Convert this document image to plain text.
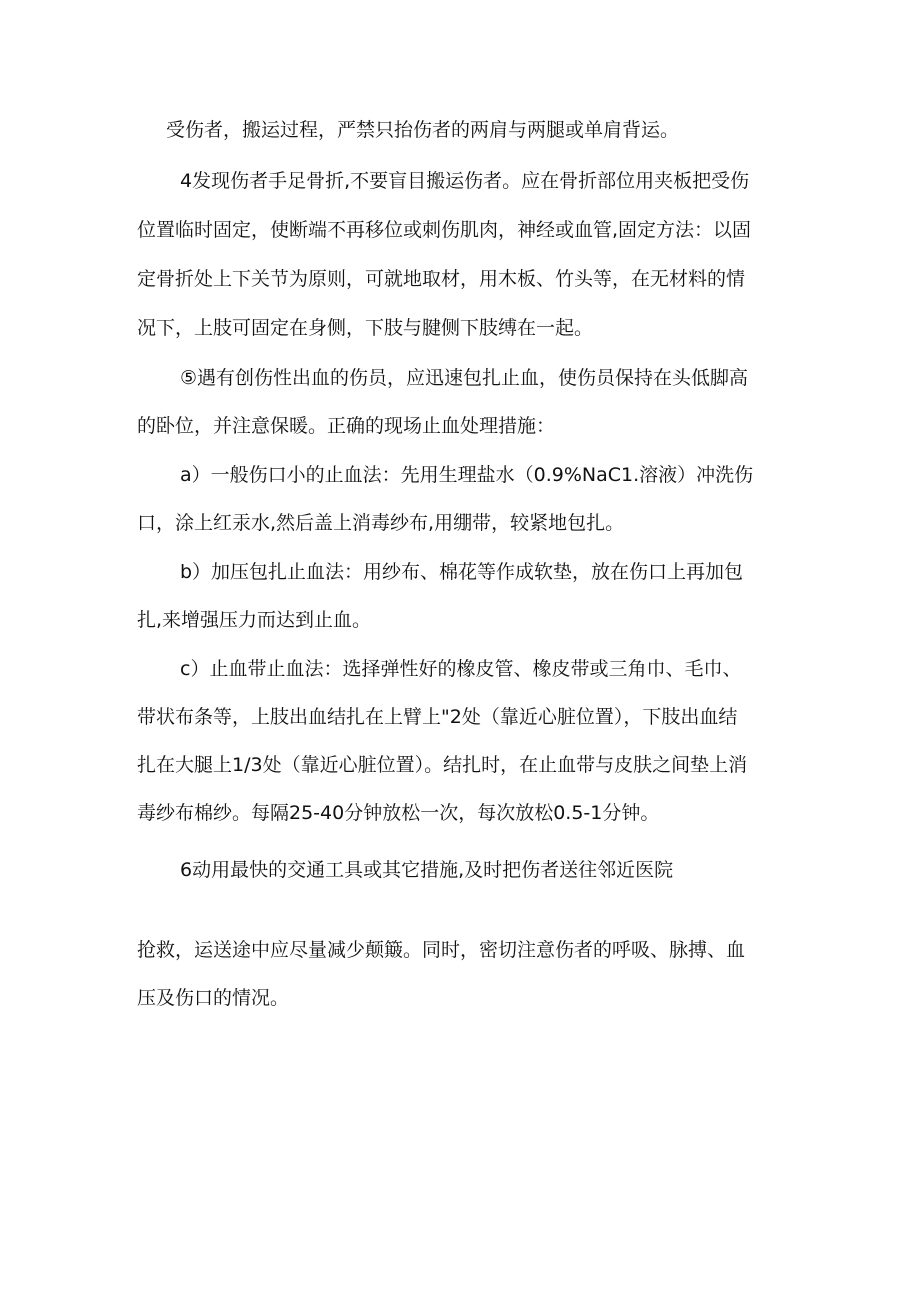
受伤者，搬运过程，严禁只抬伤者的两肩与两腿或单肩背运。

4发现伤者手足骨折,不要盲目搬运伤者。应在骨折部位用夹板把受伤

位置临时固定，使断端不再移位或刺伤肌肉，神经或血管,固定方法：以固

定骨折处上下关节为原则，可就地取材，用木板、竹头等，在无材料的情

况下，上肢可固定在身侧，下肢与腱侧下肢缚在一起。

⑤遇有创伤性出血的伤员，应迅速包扎止血，使伤员保持在头低脚高

的卧位，并注意保暖。正确的现场止血处理措施：

a）一般伤口小的止血法：先用生理盐水（0.9%NaC1.溶液）冲洗伤

口，涂上红汞水,然后盖上消毒纱布,用绷带，较紧地包扎。

b）加压包扎止血法：用纱布、棉花等作成软垫，放在伤口上再加包

扎,来增强压力而达到止血。

c）止血带止血法：选择弹性好的橡皮管、橡皮带或三角巾、毛巾、

带状布条等，上肢出血结扎在上臂上"2处（靠近心脏位置），下肢出血结

扎在大腿上1/3处（靠近心脏位置）。结扎时，在止血带与皮肤之间垫上消

毒纱布棉纱。每隔25-40分钟放松一次，每次放松0.5-1分钟。

6动用最快的交通工具或其它措施,及时把伤者送往邻近医院

抢救，运送途中应尽量减少颠簸。同时，密切注意伤者的呼吸、脉搏、血

压及伤口的情况。
